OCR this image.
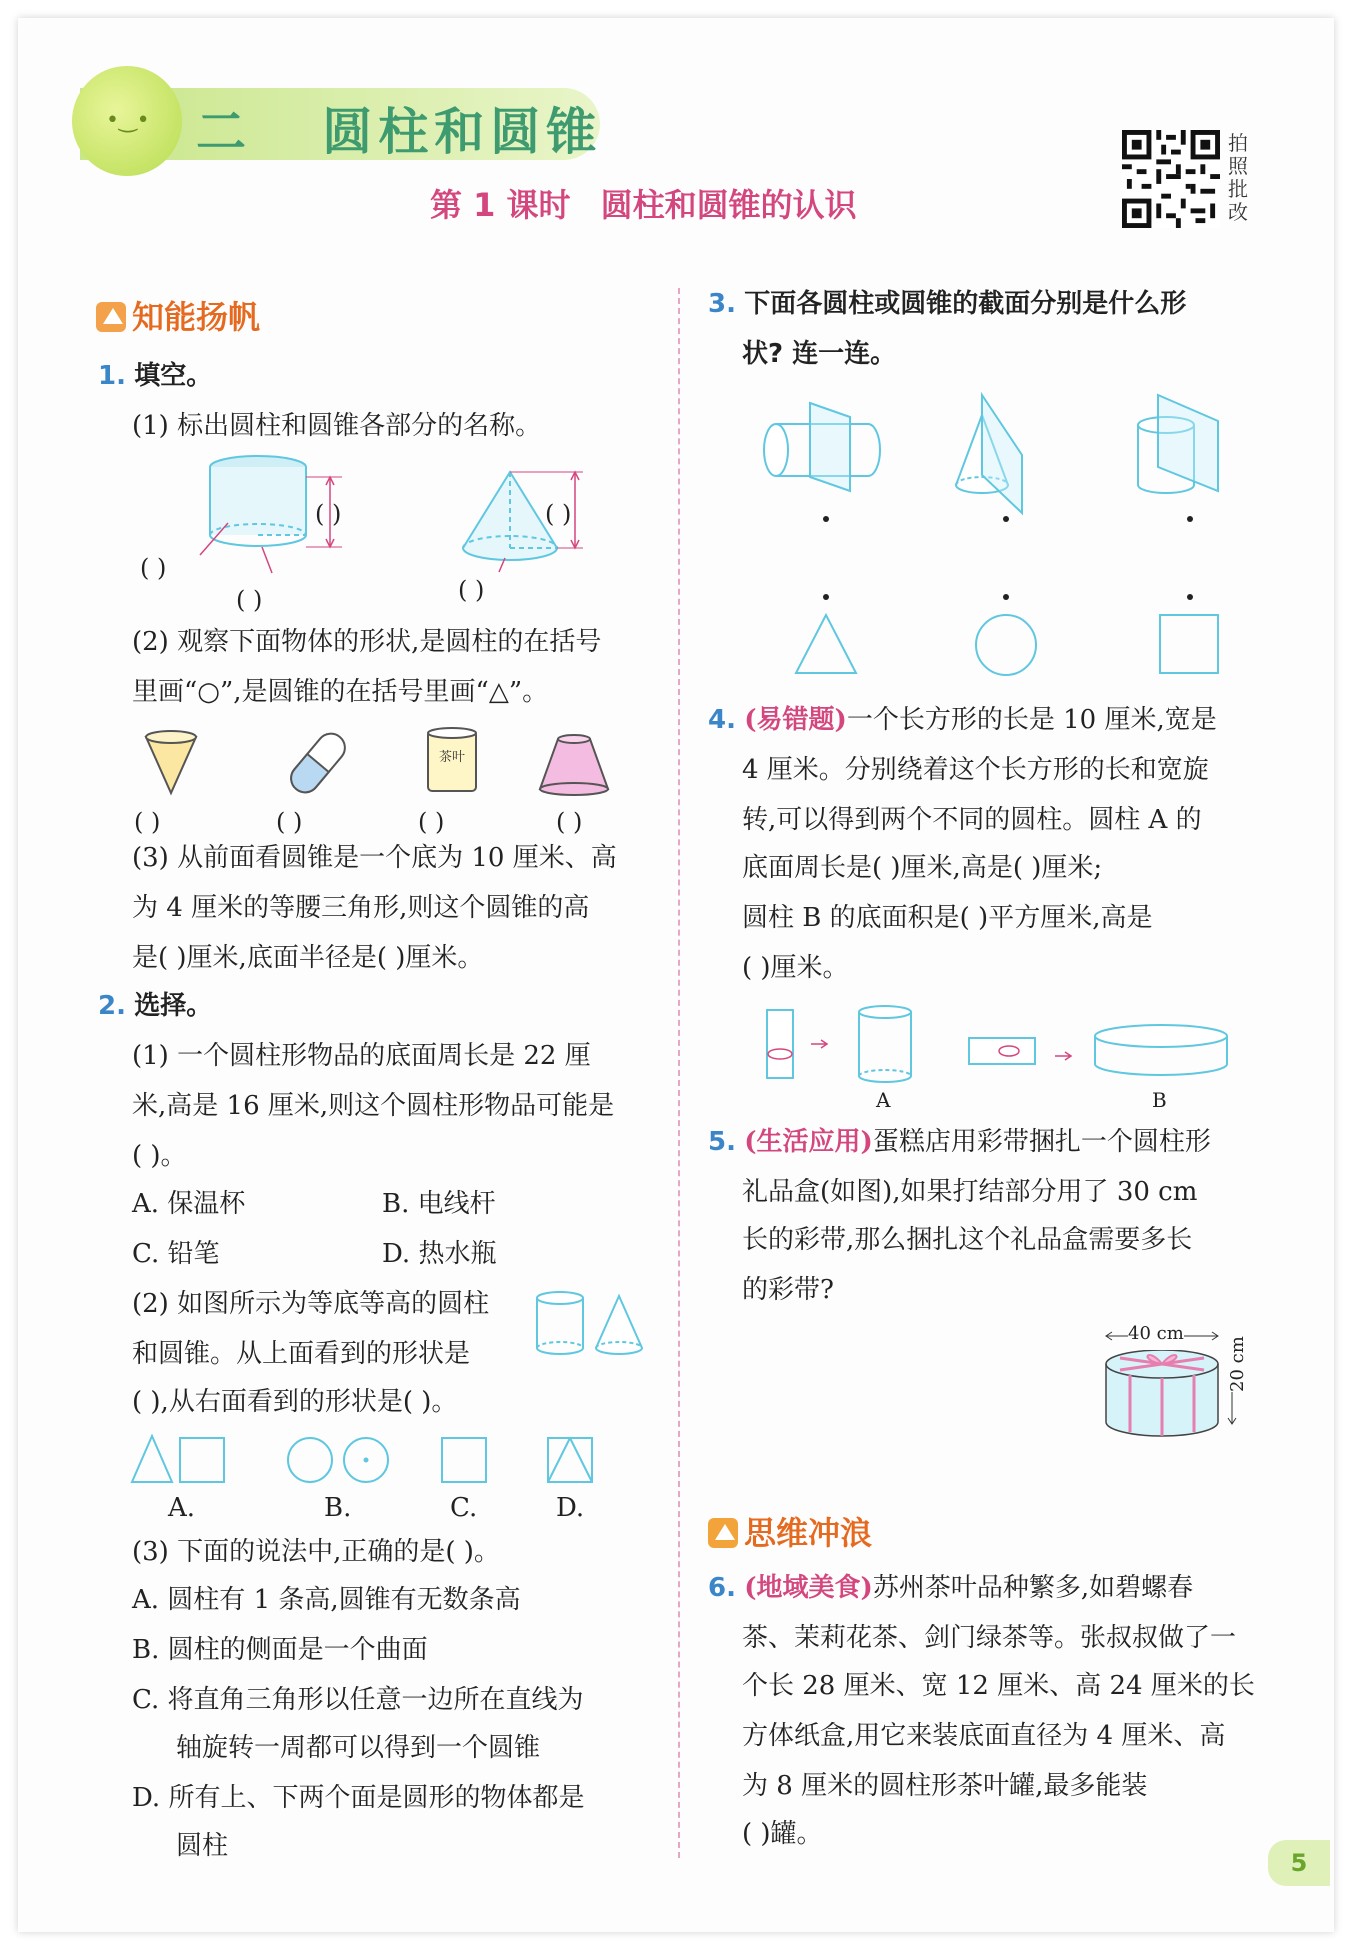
•‿• 二 圆柱和圆锥
第 1 课时 圆柱和圆锥的认识
拍照批改
知能扬帆
1. 填空。
(1) 标出圆柱和圆锥各部分的名称。
( )
( )
( )
( )
( )
(2) 观察下面物体的形状,是圆柱的在括号
里画“○”,是圆锥的在括号里画“△”。
茶叶
( )	( )	( )	( )
(3) 从前面看圆锥是一个底为 10 厘米、高
为 4 厘米的等腰三角形,则这个圆锥的高
是( )厘米,底面半径是( )厘米。
2. 选择。
(1) 一个圆柱形物品的底面周长是 22 厘
米,高是 16 厘米,则这个圆柱形物品可能是
( )。
A. 保温杯	B. 电线杆
C. 铅笔	D. 热水瓶
(2) 如图所示为等底等高的圆柱
和圆锥。从上面看到的形状是
( ),从右面看到的形状是( )。
A.	B.	C.	D.
(3) 下面的说法中,正确的是( )。
A. 圆柱有 1 条高,圆锥有无数条高
B. 圆柱的侧面是一个曲面
C. 将直角三角形以任意一边所在直线为
轴旋转一周都可以得到一个圆锥
D. 所有上、下两个面是圆形的物体都是
圆柱
3. 下面各圆柱或圆锥的截面分别是什么形
状? 连一连。
4. (易错题)一个长方形的长是 10 厘米,宽是
4 厘米。分别绕着这个长方形的长和宽旋
转,可以得到两个不同的圆柱。圆柱 A 的
底面周长是( )厘米,高是( )厘米;
圆柱 B 的底面积是( )平方厘米,高是
( )厘米。
A	B
5. (生活应用)蛋糕店用彩带捆扎一个圆柱形
礼品盒(如图),如果打结部分用了 30 cm
长的彩带,那么捆扎这个礼品盒需要多长
的彩带?
40 cm
20 cm
思维冲浪
6. (地域美食)苏州茶叶品种繁多,如碧螺春
茶、茉莉花茶、剑门绿茶等。张叔叔做了一
个长 28 厘米、宽 12 厘米、高 24 厘米的长
方体纸盒,用它来装底面直径为 4 厘米、高
为 8 厘米的圆柱形茶叶罐,最多能装
( )罐。
5
